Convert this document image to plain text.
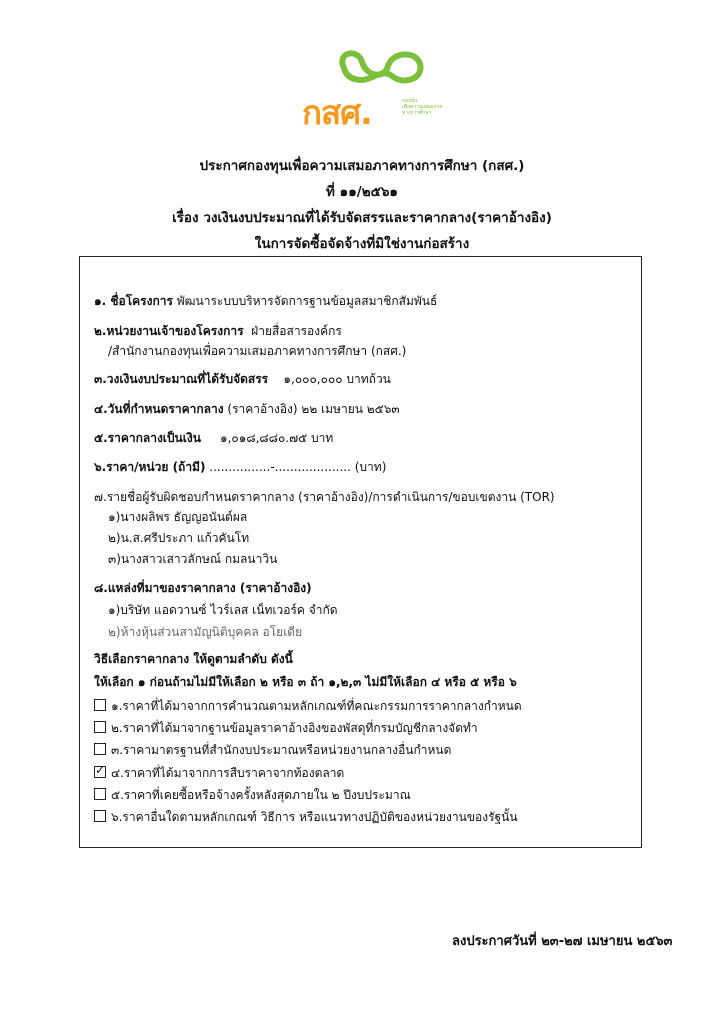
กสศ.	กองทุน
เพื่อความเสมอภาค
ทางการศึกษา
ประกาศกองทุนเพื่อความเสมอภาคทางการศึกษา (กสศ.)
ที่ ๑๑/๒๕๖๑
เรื่อง วงเงินงบประมาณที่ได้รับจัดสรรและราคากลาง(ราคาอ้างอิง)
ในการจัดซื้อจัดจ้างที่มิใช่งานก่อสร้าง
๑. ชื่อโครงการ พัฒนาระบบบริหารจัดการฐานข้อมูลสมาชิกสัมพันธ์
๒.หน่วยงานเจ้าของโครงการ ฝ่ายสื่อสารองค์กร
/สำนักงานกองทุนเพื่อความเสมอภาคทางการศึกษา (กสศ.)
๓.วงเงินงบประมาณที่ได้รับจัดสรร ๑,๐๐๐,๐๐๐ บาทถ้วน
๔.วันที่กำหนดราคากลาง (ราคาอ้างอิง) ๒๒ เมษายน ๒๕๖๓
๕.ราคากลางเป็นเงิน ๑,๐๑๘,๘๘๐.๗๕ บาท
๖.ราคา/หน่วย (ถ้ามี) ................-.................... (บาท)
๗.รายชื่อผู้รับผิดชอบกำหนดราคากลาง (ราคาอ้างอิง)/การดำเนินการ/ขอบเขตงาน (TOR)
๑)นางผลิพร ธัญญอนันต์ผล
๒)น.ส.ศรีประภา แก้วคันโท
๓)นางสาวเสาวลักษณ์ กมลนาวิน
๘.แหล่งที่มาของราคากลาง (ราคาอ้างอิง)
๑)บริษัท แอดวานซ์ ไวร์เลส เน็ทเวอร์ค จำกัด
๒)ห้างหุ้นส่วนสามัญนิติบุคคล อโยเดีย
วิธีเลือกราคากลาง ให้ดูตามลำดับ ดังนี้
ให้เลือก ๑ ก่อนถ้ามไม่มีให้เลือก ๒ หรือ ๓ ถ้า ๑,๒,๓ ไม่มีให้เลือก ๔ หรือ ๕ หรือ ๖
๑.ราคาที่ได้มาจากการคำนวณตามหลักเกณฑ์ที่คณะกรรมการราคากลางกำหนด
๒.ราคาที่ได้มาจากฐานข้อมูลราคาอ้างอิงของพัสดุที่กรมบัญชีกลางจัดทำ
๓.ราคามาตรฐานที่สำนักงบประมาณหรือหน่วยงานกลางอื่นกำหนด
✓๔.ราคาที่ได้มาจากการสืบราคาจากท้องตลาด
๕.ราคาที่เคยซื้อหรือจ้างครั้งหลังสุดภายใน ๒ ปีงบประมาณ
๖.ราคาอื่นใดตามหลักเกณฑ์ วิธีการ หรือแนวทางปฏิบัติของหน่วยงานของรัฐนั้น
ลงประกาศวันที่ ๒๓-๒๗ เมษายน ๒๕๖๓
